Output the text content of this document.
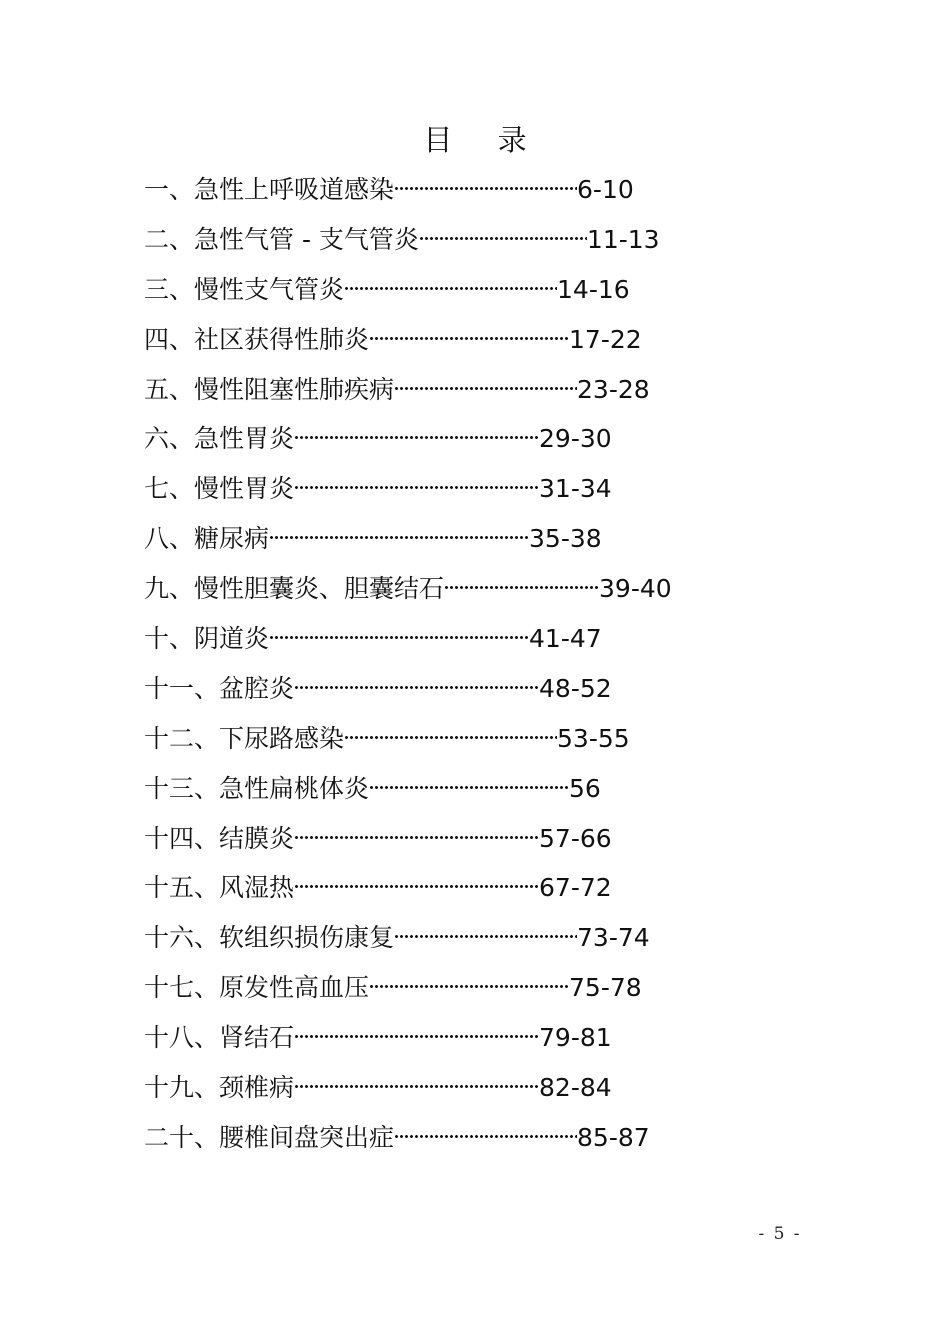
目 录
一、急性上呼吸道感染	6-10
二、急性气管 - 支气管炎	11-13
三、慢性支气管炎	14-16
四、社区获得性肺炎	17-22
五、慢性阻塞性肺疾病	23-28
六、急性胃炎	29-30
七、慢性胃炎	31-34
八、糖尿病	35-38
九、慢性胆囊炎、胆囊结石	39-40
十、阴道炎	41-47
十一、盆腔炎	48-52
十二、下尿路感染	53-55
十三、急性扁桃体炎	56
十四、结膜炎	57-66
十五、风湿热	67-72
十六、软组织损伤康复	73-74
十七、原发性高血压	75-78
十八、肾结石	79-81
十九、颈椎病	82-84
二十、腰椎间盘突出症	85-87
- 5 -
